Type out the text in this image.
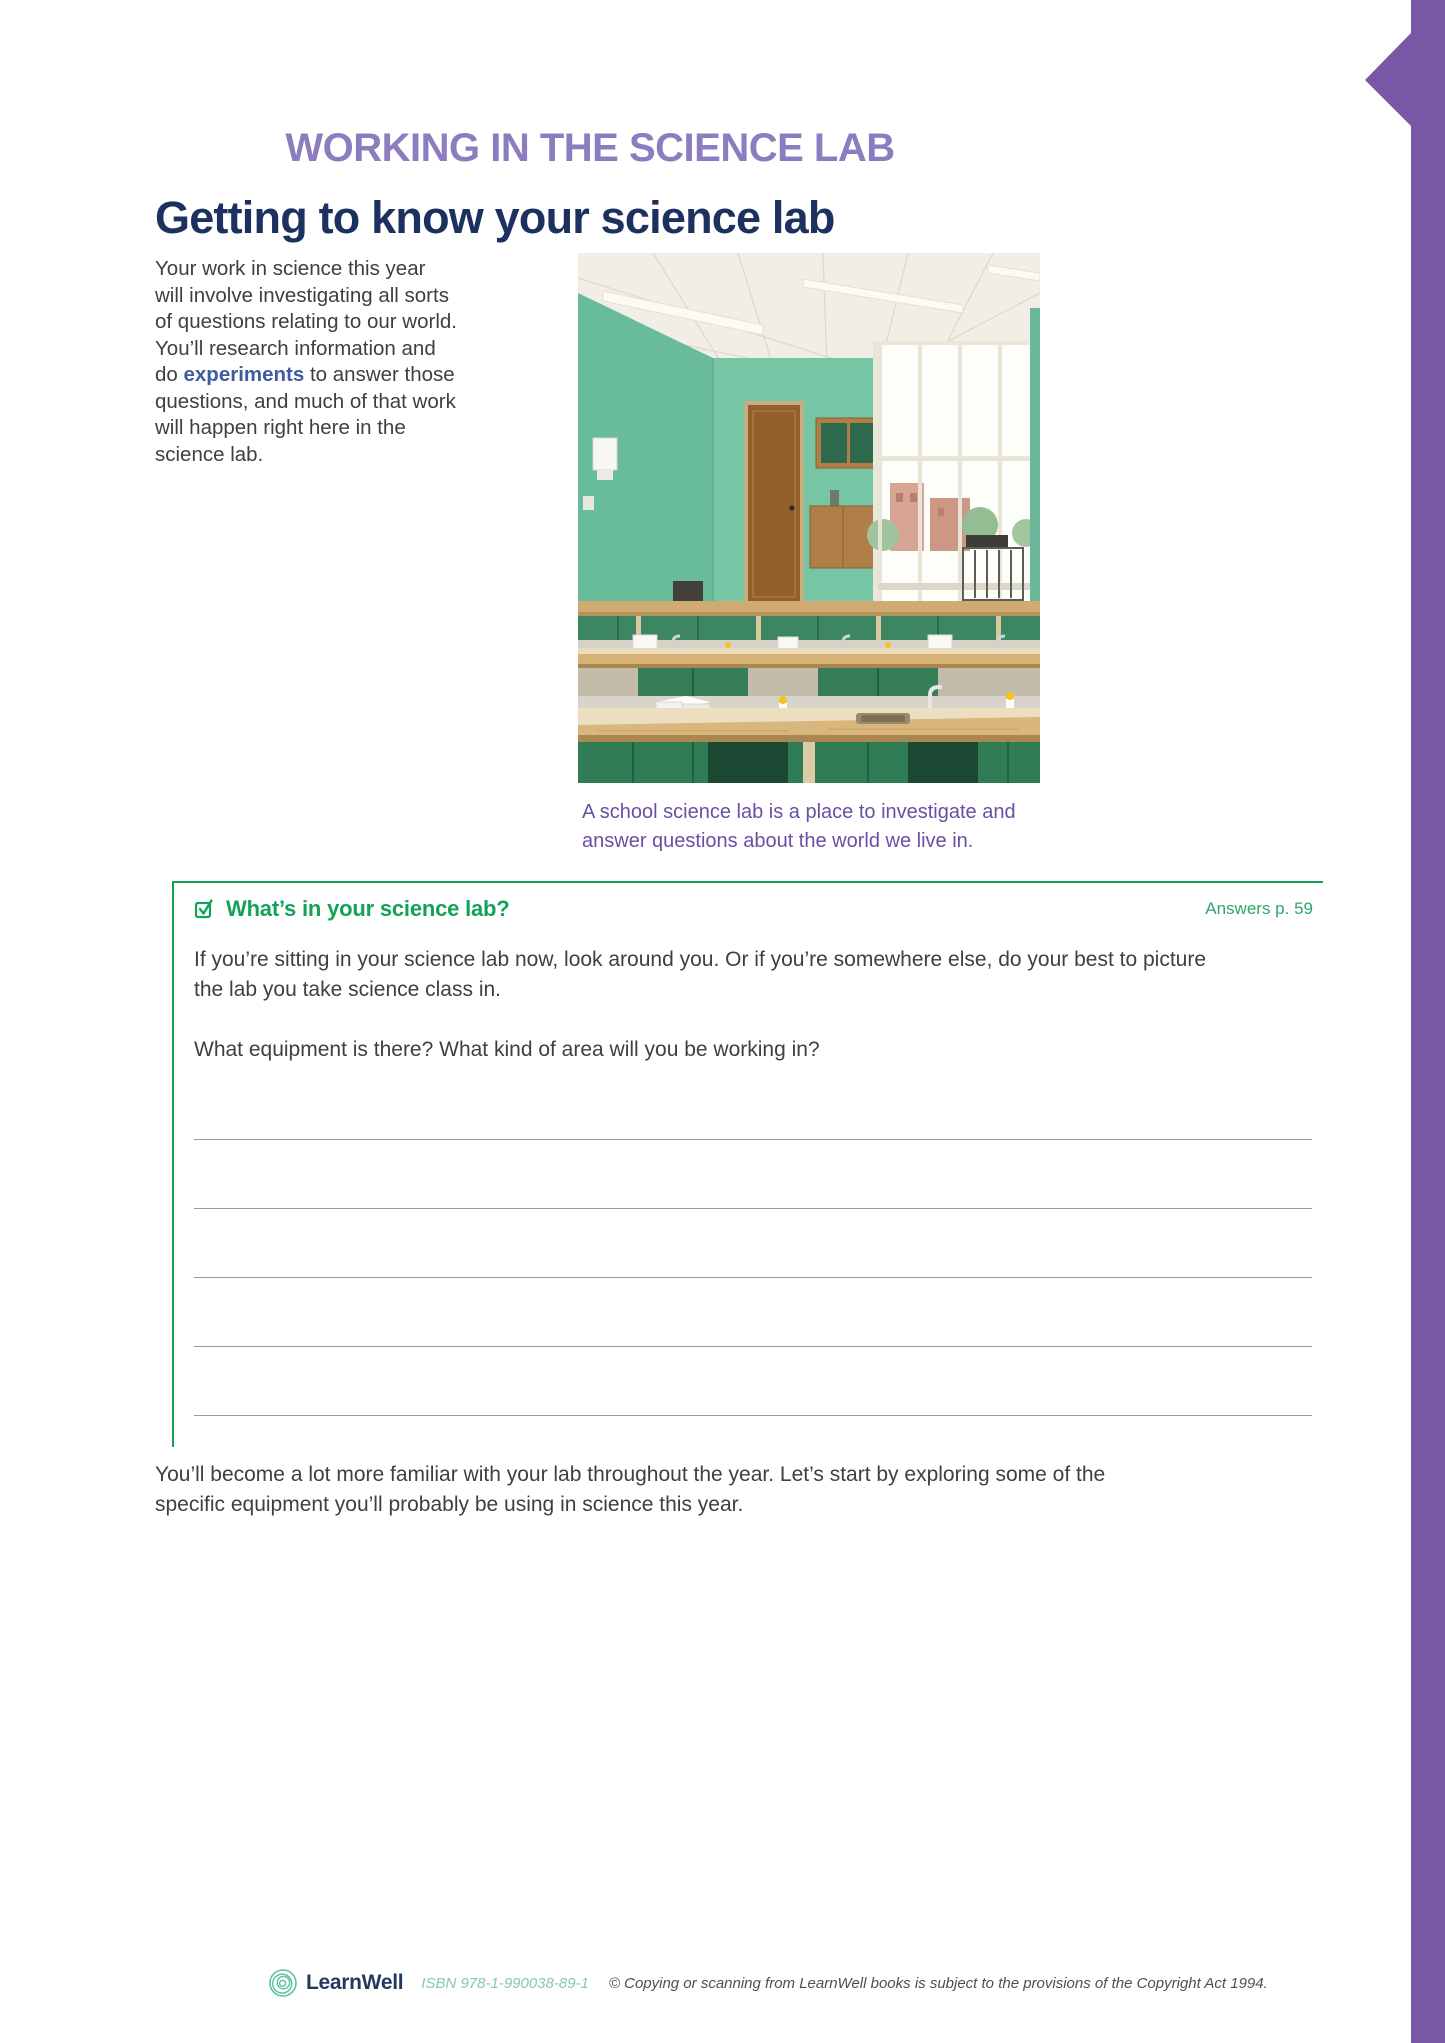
WORKING IN THE SCIENCE LAB
Getting to know your science lab

Your work in science this year will involve investigating all sorts of questions relating to our world. You’ll research information and do experiments to answer those questions, and much of that work will happen right here in the science lab.

A school science lab is a place to investigate and answer questions about the world we live in.

What’s in your science lab?	Answers p. 59

If you’re sitting in your science lab now, look around you. Or if you’re somewhere else, do your best to picture the lab you take science class in.

What equipment is there? What kind of area will you be working in?

You’ll become a lot more familiar with your lab throughout the year. Let’s start by exploring some of the specific equipment you’ll probably be using in science this year.

LearnWell ISBN 978-1-990038-89-1 © Copying or scanning from LearnWell books is subject to the provisions of the Copyright Act 1994.
